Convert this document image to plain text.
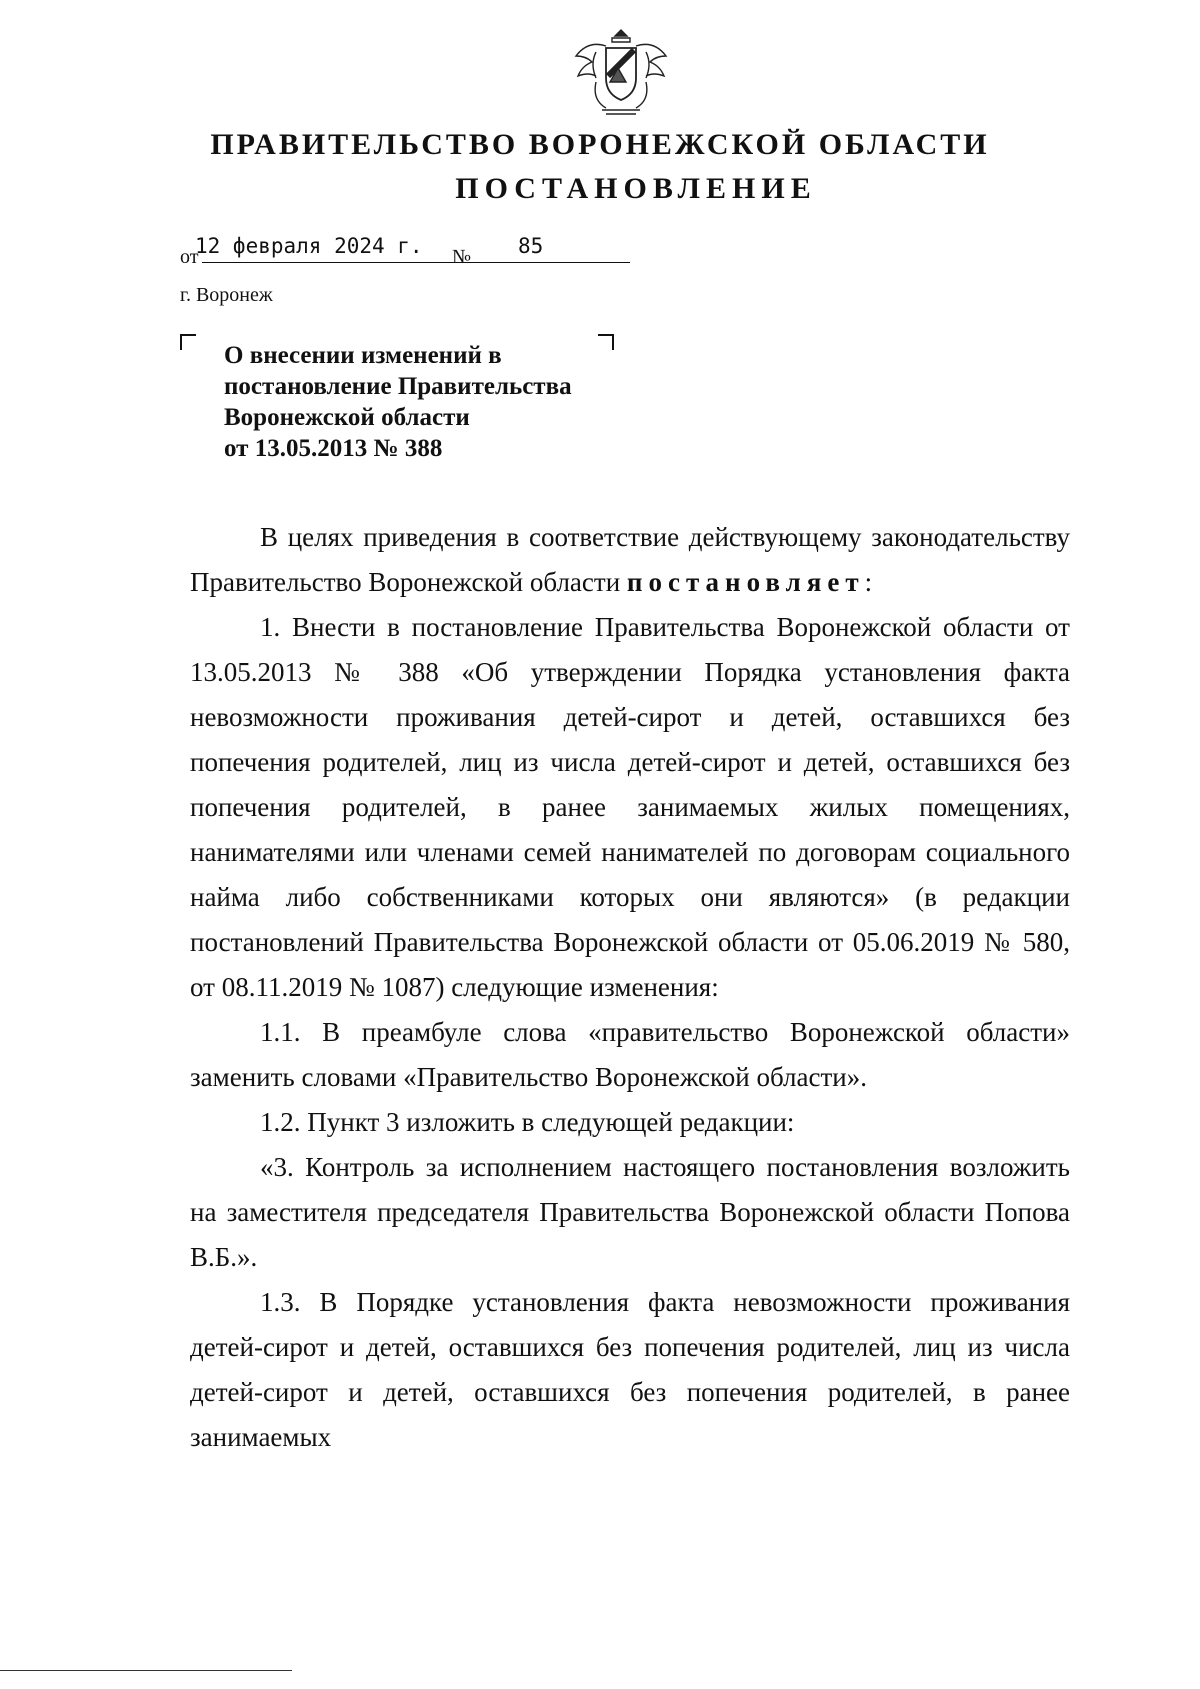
ПРАВИТЕЛЬСТВО ВОРОНЕЖСКОЙ ОБЛАСТИ
ПОСТАНОВЛЕНИЕ
от
12 февраля 2024 г. № 85
г. Воронеж
О внесении изменений в
постановление Правительства
Воронежской области
от 13.05.2013 № 388

В целях приведения в соответствие действующему законодательству Правительство Воронежской области постановляет:

1. Внести в постановление Правительства Воронежской области от 13.05.2013 № 388 «Об утверждении Порядка установления факта невозможности проживания детей-сирот и детей, оставшихся без попечения родителей, лиц из числа детей-сирот и детей, оставшихся без попечения родителей, в ранее занимаемых жилых помещениях, нанимателями или членами семей нанимателей по договорам социального найма либо собственниками которых они являются» (в редакции постановлений Правительства Воронежской области от 05.06.2019 № 580, от 08.11.2019 № 1087) следующие изменения:

1.1. В преамбуле слова «правительство Воронежской области» заменить словами «Правительство Воронежской области».

1.2. Пункт 3 изложить в следующей редакции:

«3. Контроль за исполнением настоящего постановления возложить на заместителя председателя Правительства Воронежской области Попова В.Б.».

1.3. В Порядке установления факта невозможности проживания детей-сирот и детей, оставшихся без попечения родителей, лиц из числа детей-сирот и детей, оставшихся без попечения родителей, в ранее занимаемых
